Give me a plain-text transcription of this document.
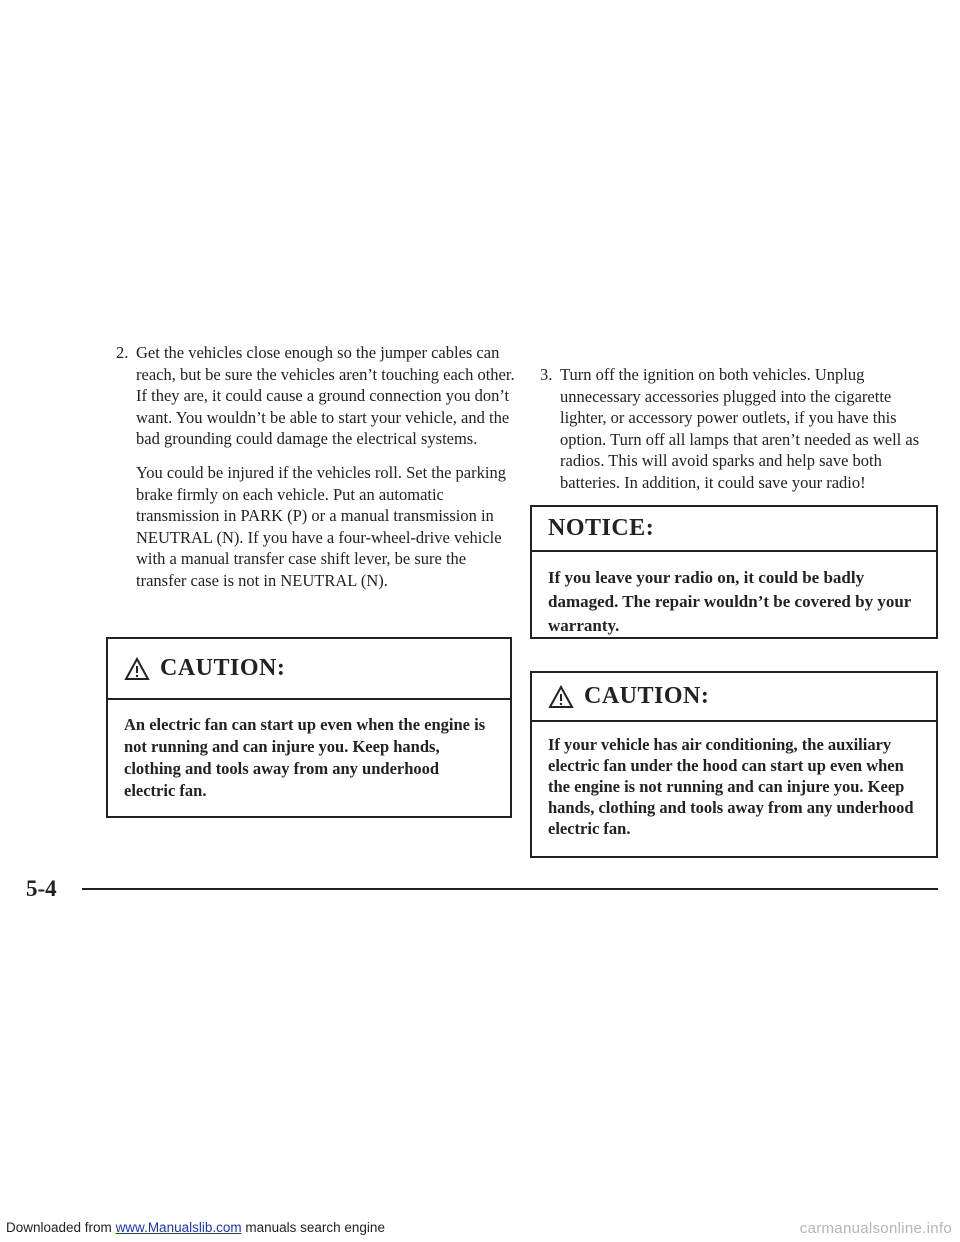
2. Get the vehicles close enough so the jumper cables can reach, but be sure the vehicles aren’t touching each other. If they are, it could cause a ground connection you don’t want. You wouldn’t be able to start your vehicle, and the bad grounding could damage the electrical systems.

You could be injured if the vehicles roll. Set the parking brake firmly on each vehicle. Put an automatic transmission in PARK (P) or a manual transmission in NEUTRAL (N). If you have a four-wheel-drive vehicle with a manual transfer case shift lever, be sure the transfer case is not in NEUTRAL (N).

CAUTION:
An electric fan can start up even when the engine is not running and can injure you. Keep hands, clothing and tools away from any underhood electric fan.
3. Turn off the ignition on both vehicles. Unplug unnecessary accessories plugged into the cigarette lighter, or accessory power outlets, if you have this option. Turn off all lamps that aren’t needed as well as radios. This will avoid sparks and help save both batteries. In addition, it could save your radio!

NOTICE:
If you leave your radio on, it could be badly damaged. The repair wouldn’t be covered by your warranty.
CAUTION:
If your vehicle has air conditioning, the auxiliary electric fan under the hood can start up even when the engine is not running and can injure you. Keep hands, clothing and tools away from any underhood electric fan.
5-4
Downloaded from www.Manualslib.com manuals search engine	carmanualsonline.info
